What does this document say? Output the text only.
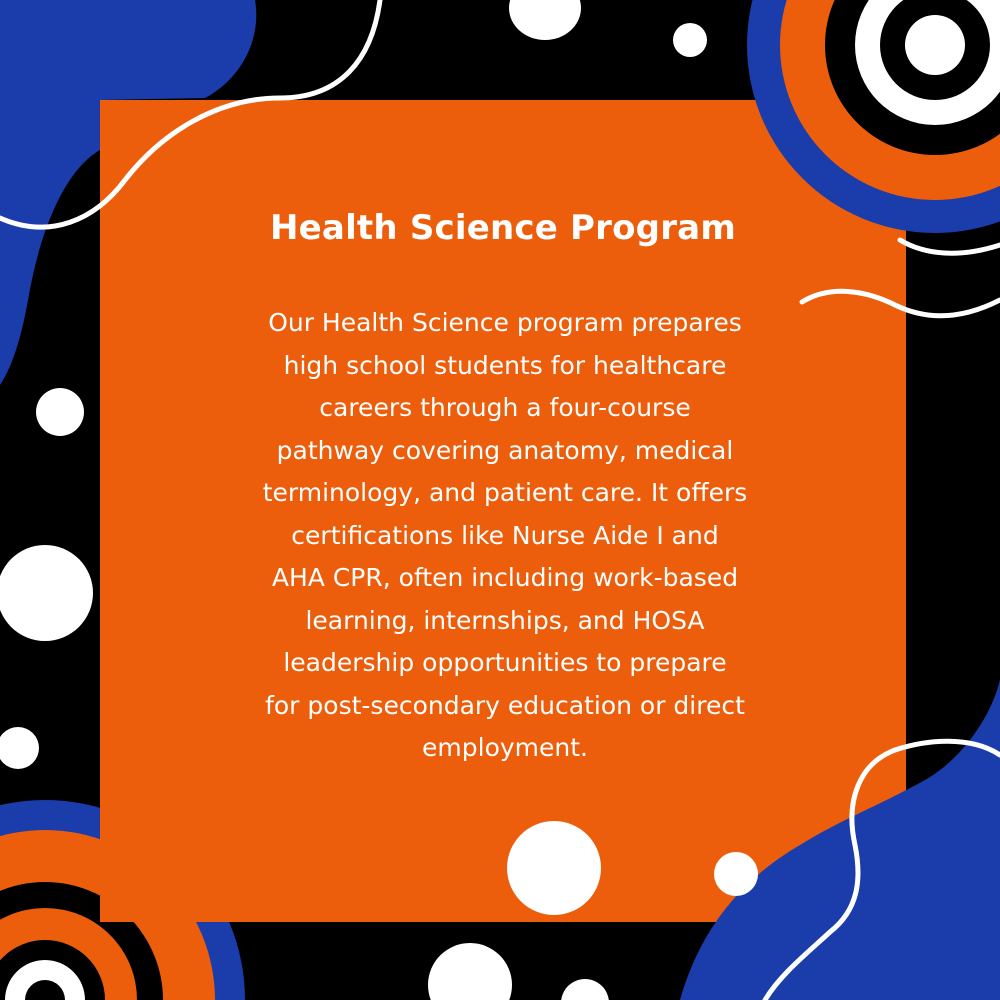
Health Science Program
Our Health Science program prepares
high school students for healthcare
careers through a four-course
pathway covering anatomy, medical
terminology, and patient care. It offers
certifications like Nurse Aide I and
AHA CPR, often including work-based
learning, internships, and HOSA
leadership opportunities to prepare
for post-secondary education or direct
employment.
